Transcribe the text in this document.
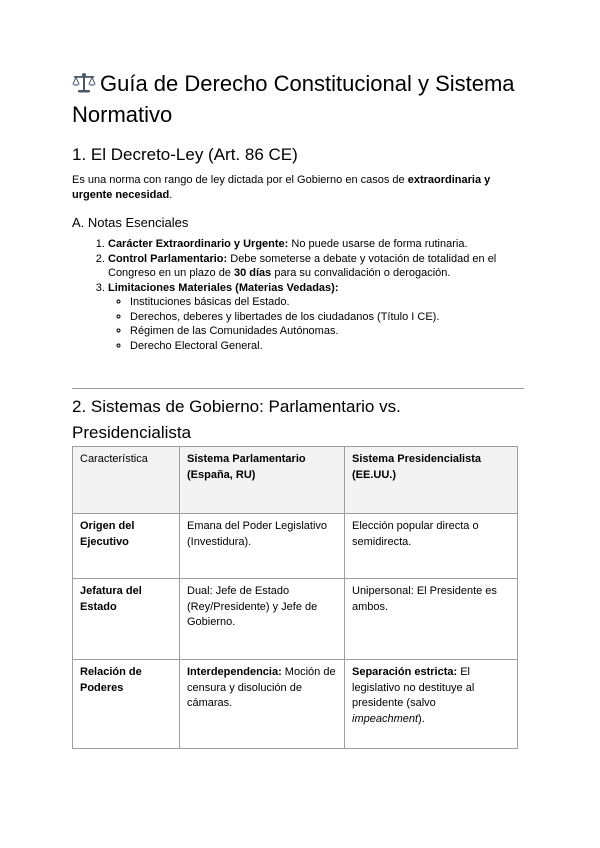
Guía de Derecho Constitucional y Sistema Normativo
1. El Decreto-Ley (Art. 86 CE)

Es una norma con rango de ley dictada por el Gobierno en casos de extraordinaria y urgente necesidad.

A. Notas Esenciales
1. Carácter Extraordinario y Urgente: No puede usarse de forma rutinaria.
2. Control Parlamentario: Debe someterse a debate y votación de totalidad en el Congreso en un plazo de 30 días para su convalidación o derogación.
3. Limitaciones Materiales (Materias Vedadas):
◦ Instituciones básicas del Estado.
◦ Derechos, deberes y libertades de los ciudadanos (Título I CE).
◦ Régimen de las Comunidades Autónomas.
◦ Derecho Electoral General.
2. Sistemas de Gobierno: Parlamentario vs. Presidencialista
Característica	Sistema Parlamentario (España, RU)	Sistema Presidencialista (EE.UU.)
Origen del Ejecutivo	Emana del Poder Legislativo (Investidura).	Elección popular directa o semidirecta.
Jefatura del Estado	Dual: Jefe de Estado (Rey/Presidente) y Jefe de Gobierno.	Unipersonal: El Presidente es ambos.
Relación de Poderes	Interdependencia: Moción de censura y disolución de cámaras.	Separación estricta: El legislativo no destituye al presidente (salvo impeachment).
